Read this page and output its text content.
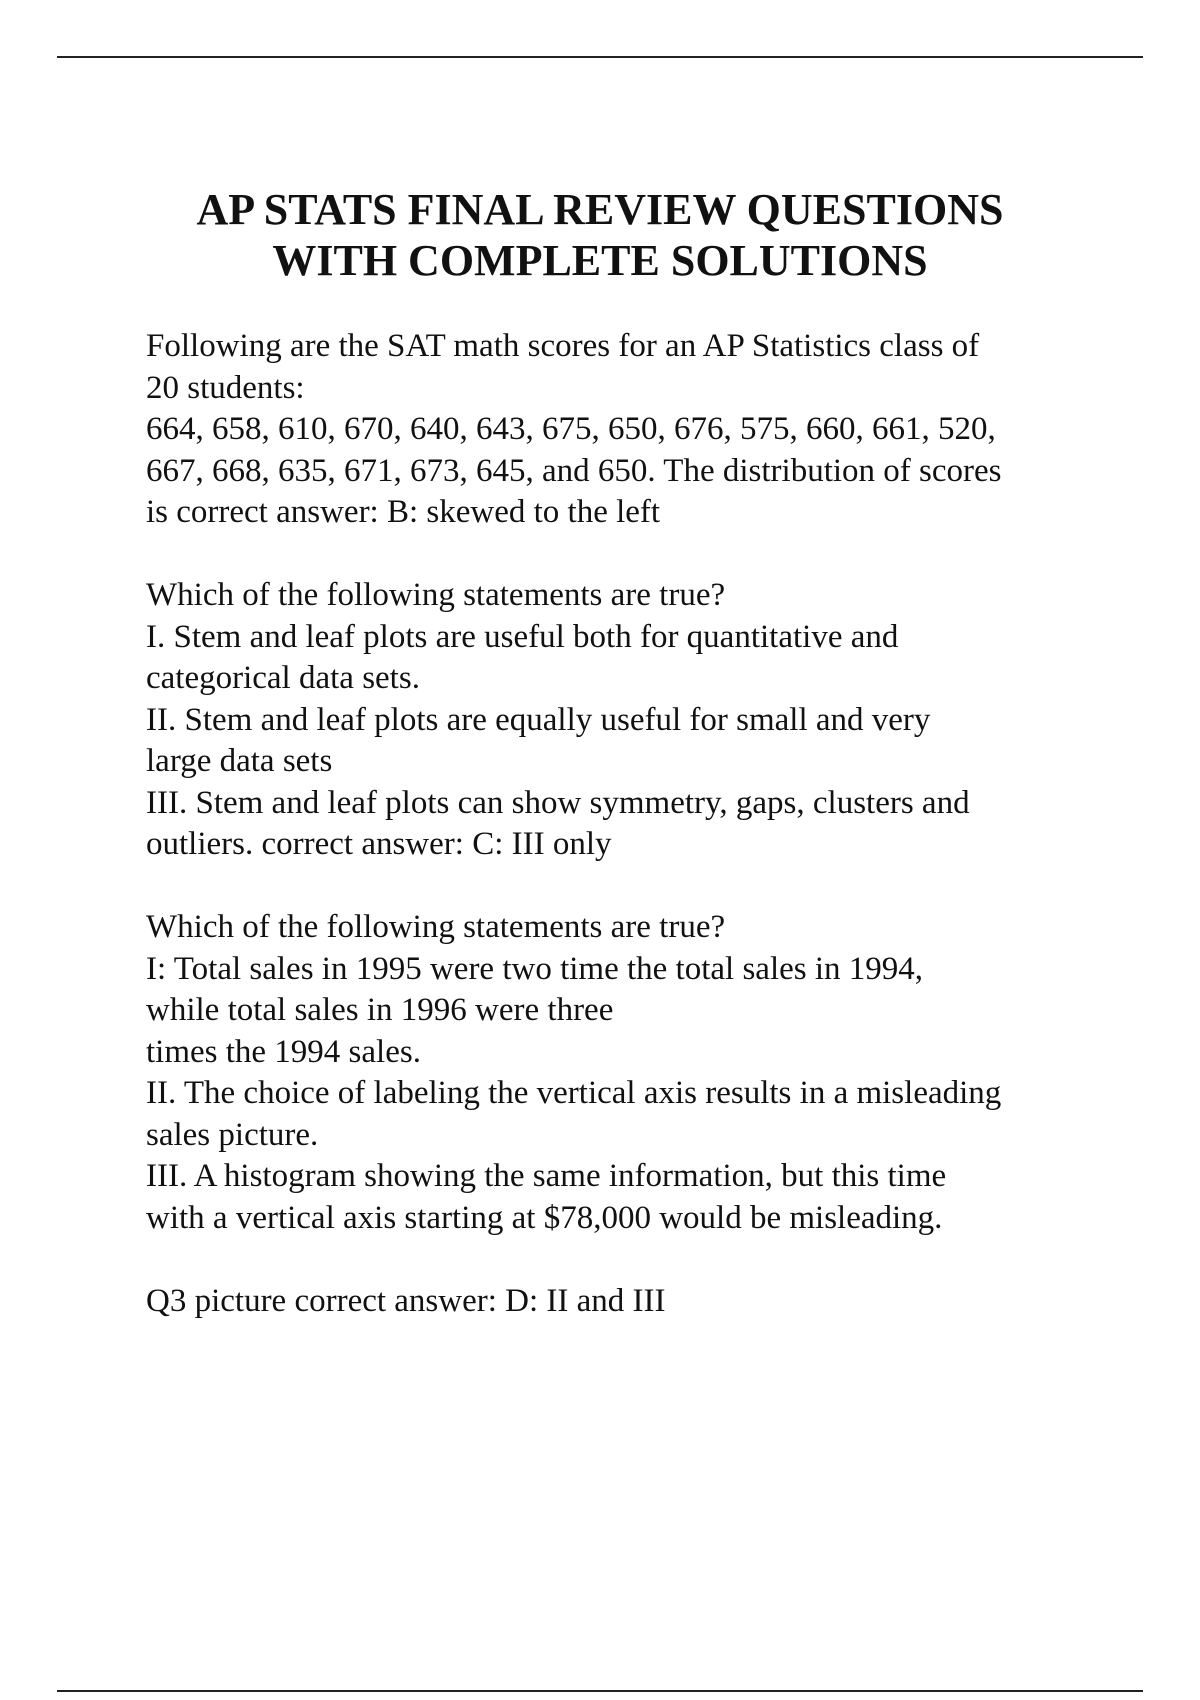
AP STATS FINAL REVIEW QUESTIONS
WITH COMPLETE SOLUTIONS
Following are the SAT math scores for an AP Statistics class of
20 students:
664, 658, 610, 670, 640, 643, 675, 650, 676, 575, 660, 661, 520,
667, 668, 635, 671, 673, 645, and 650. The distribution of scores
is correct answer: B: skewed to the left
Which of the following statements are true?
I. Stem and leaf plots are useful both for quantitative and
categorical data sets.
II. Stem and leaf plots are equally useful for small and very
large data sets
III. Stem and leaf plots can show symmetry, gaps, clusters and
outliers. correct answer: C: III only
Which of the following statements are true?
I: Total sales in 1995 were two time the total sales in 1994,
while total sales in 1996 were three
times the 1994 sales.
II. The choice of labeling the vertical axis results in a misleading
sales picture.
III. A histogram showing the same information, but this time
with a vertical axis starting at $78,000 would be misleading.
Q3 picture correct answer: D: II and III
